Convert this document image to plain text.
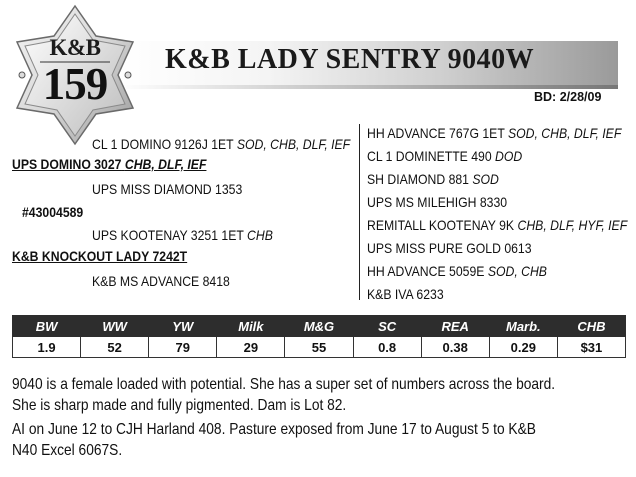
K&B LADY SENTRY 9040W
BD: 2/28/09
K&B
159
CL 1 DOMINO 9126J 1ET SOD, CHB, DLF, IEF
UPS DOMINO 3027 CHB, DLF, IEF
UPS MISS DIAMOND 1353
#43004589
UPS KOOTENAY 3251 1ET CHB
K&B KNOCKOUT LADY 7242T
K&B MS ADVANCE 8418
HH ADVANCE 767G 1ET SOD, CHB, DLF, IEF
CL 1 DOMINETTE 490 DOD
SH DIAMOND 881 SOD
UPS MS MILEHIGH 8330
REMITALL KOOTENAY 9K CHB, DLF, HYF, IEF
UPS MISS PURE GOLD 0613
HH ADVANCE 5059E SOD, CHB
K&B IVA 6233
BW	WW	YW	Milk	M&G	SC	REA	Marb.	CHB
1.9	52	79	29	55	0.8	0.38	0.29	$31
9040 is a female loaded with potential. She has a super set of numbers across the board.
She is sharp made and fully pigmented. Dam is Lot 82.
AI on June 12 to CJH Harland 408. Pasture exposed from June 17 to August 5 to K&B
N40 Excel 6067S.
